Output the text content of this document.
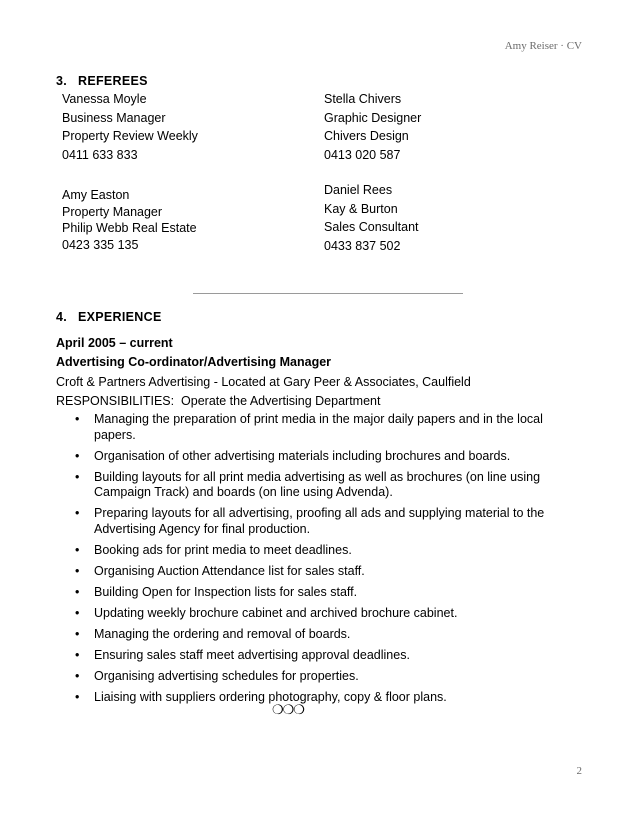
Amy Reiser · CV
3. REFEREES
Vanessa Moyle
Business Manager
Property Review Weekly
0411 633 833
Amy Easton
Property Manager
Philip Webb Real Estate
0423 335 135
Stella Chivers
Graphic Designer
Chivers Design
0413 020 587
Daniel Rees
Kay & Burton
Sales Consultant
0433 837 502
4. EXPERIENCE
April 2005 – current
Advertising Co-ordinator/Advertising Manager
Croft & Partners Advertising - Located at Gary Peer & Associates, Caulfield
RESPONSIBILITIES: Operate the Advertising Department
• Managing the preparation of print media in the major daily papers and in the local papers.
• Organisation of other advertising materials including brochures and boards.
• Building layouts for all print media advertising as well as brochures (on line using Campaign Track) and boards (on line using Advenda).
• Preparing layouts for all advertising, proofing all ads and supplying material to the Advertising Agency for final production.
• Booking ads for print media to meet deadlines.
• Organising Auction Attendance list for sales staff.
• Building Open for Inspection lists for sales staff.
• Updating weekly brochure cabinet and archived brochure cabinet.
• Managing the ordering and removal of boards.
• Ensuring sales staff meet advertising approval deadlines.
• Organising advertising schedules for properties.
• Liaising with suppliers ordering photography, copy & floor plans.
❍❍❍
2
